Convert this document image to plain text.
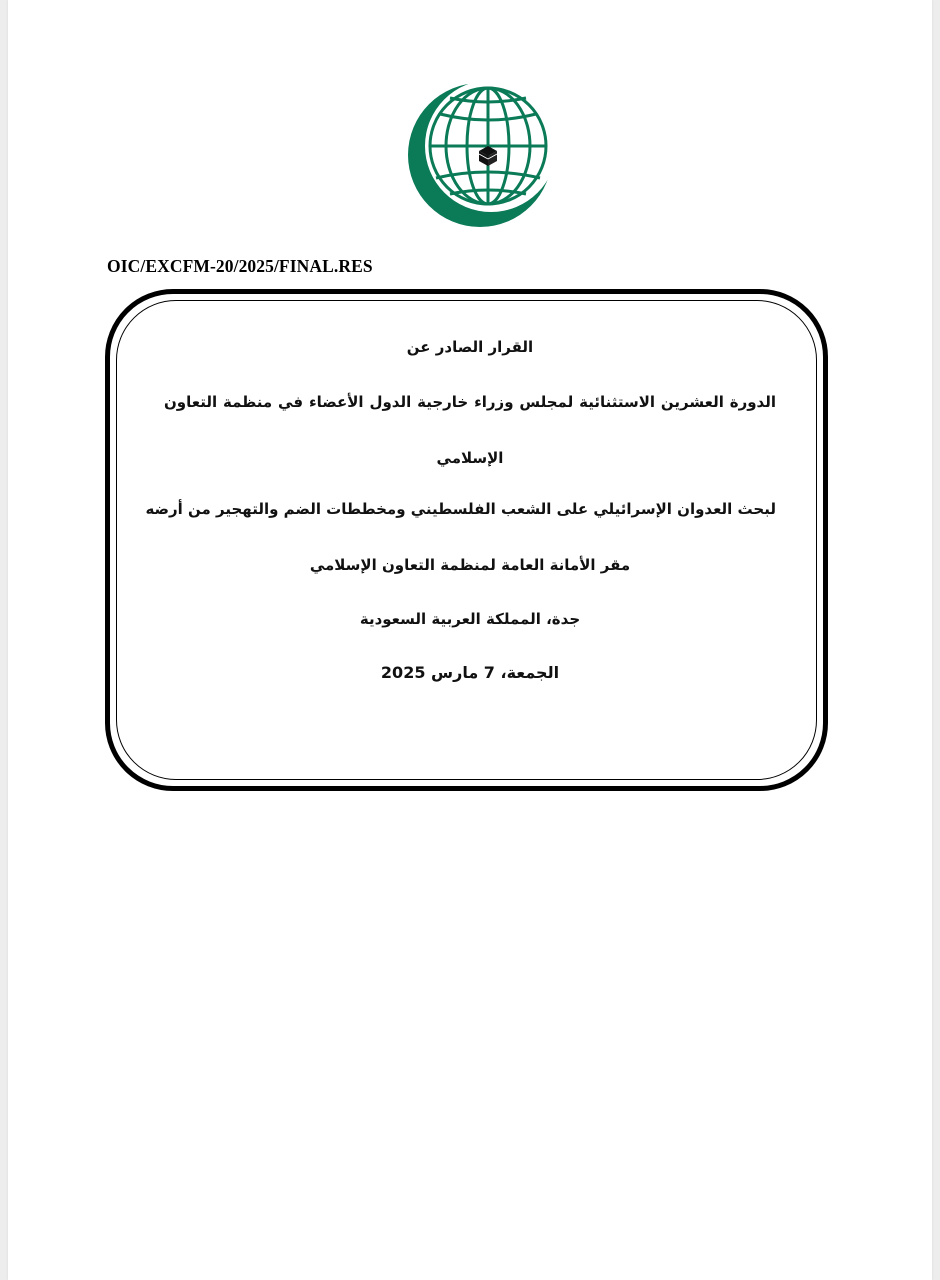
OIC/EXCFM-20/2025/FINAL.RES
القرار الصادر عن
الدورة العشرين الاستثنائية لمجلس وزراء خارجية الدول الأعضاء في منظمة التعاون
الإسلامي
لبحث العدوان الإسرائيلي على الشعب الفلسطيني ومخططات الضم والتهجير من أرضه
مقر الأمانة العامة لمنظمة التعاون الإسلامي
جدة، المملكة العربية السعودية
الجمعة، 7 مارس 2025
